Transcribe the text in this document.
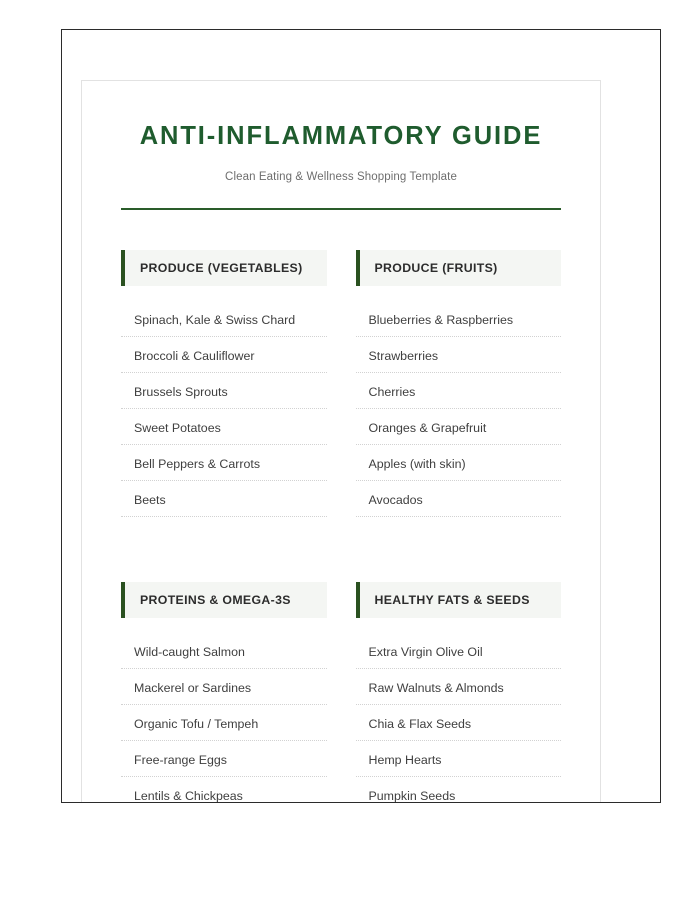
ANTI-INFLAMMATORY GUIDE
Clean Eating & Wellness Shopping Template
PRODUCE (VEGETABLES)
Spinach, Kale & Swiss Chard
Broccoli & Cauliflower
Brussels Sprouts
Sweet Potatoes
Bell Peppers & Carrots
Beets
PRODUCE (FRUITS)
Blueberries & Raspberries
Strawberries
Cherries
Oranges & Grapefruit
Apples (with skin)
Avocados
PROTEINS & OMEGA-3S
Wild-caught Salmon
Mackerel or Sardines
Organic Tofu / Tempeh
Free-range Eggs
Lentils & Chickpeas
HEALTHY FATS & SEEDS
Extra Virgin Olive Oil
Raw Walnuts & Almonds
Chia & Flax Seeds
Hemp Hearts
Pumpkin Seeds
